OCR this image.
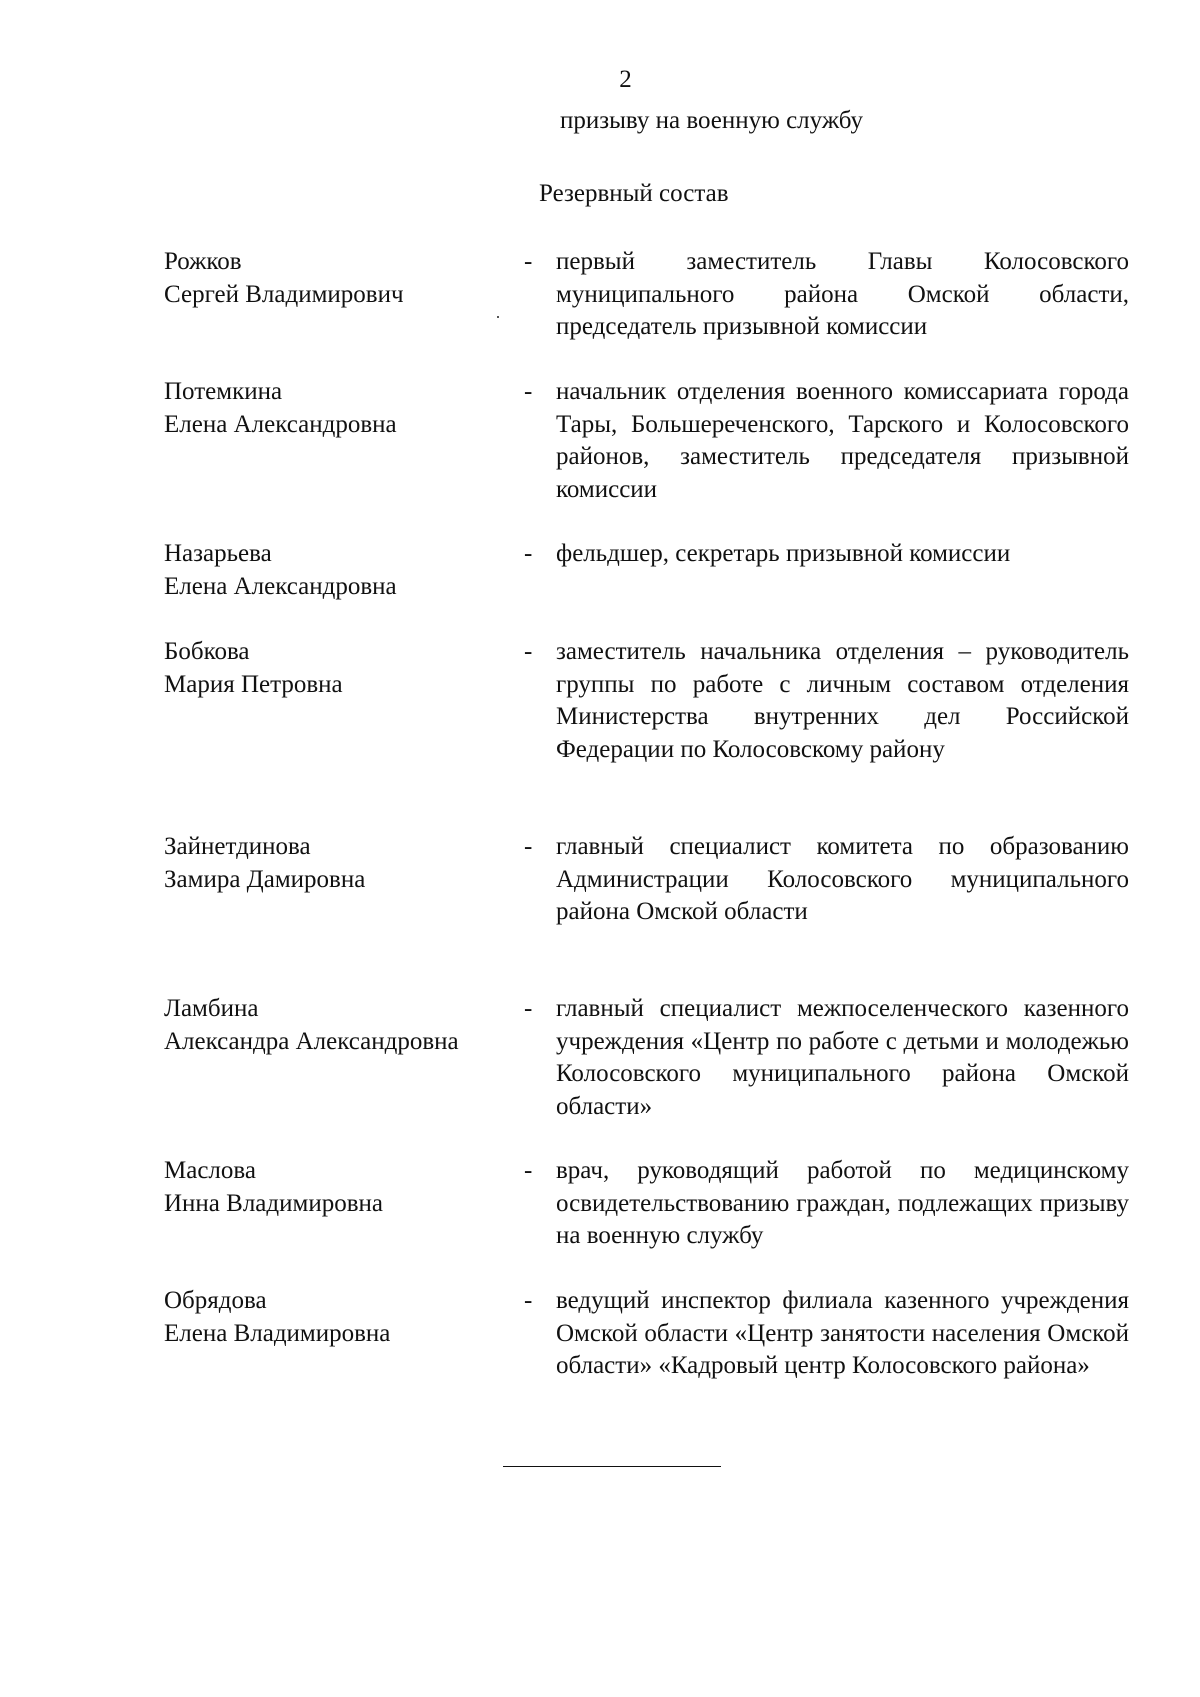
2
призыву на военную службу
Резервный состав
Рожков
Сергей Владимирович
- первый заместитель Главы Колосовского муниципального района Омской области, председатель призывной комиссии
Потемкина
Елена Александровна
- начальник отделения военного комиссариата города Тары, Большереченского, Тарского и Колосовского районов, заместитель председателя призывной комиссии
Назарьева
Елена Александровна
- фельдшер, секретарь призывной комиссии
Бобкова
Мария Петровна
- заместитель начальника отделения – руководитель группы по работе с личным составом отделения Министерства внутренних дел Российской Федерации по Колосовскому району
Зайнетдинова
Замира Дамировна
- главный специалист комитета по образованию Администрации Колосовского муниципального района Омской области
Ламбина
Александра Александровна
- главный специалист межпоселенческого казенного учреждения «Центр по работе с детьми и молодежью Колосовского муниципального района Омской области»
Маслова
Инна Владимировна
- врач, руководящий работой по медицинскому освидетельствованию граждан, подлежащих призыву на военную службу
Обрядова
Елена Владимировна
- ведущий инспектор филиала казенного учреждения Омской области «Центр занятости населения Омской области» «Кадровый центр Колосовского района»
